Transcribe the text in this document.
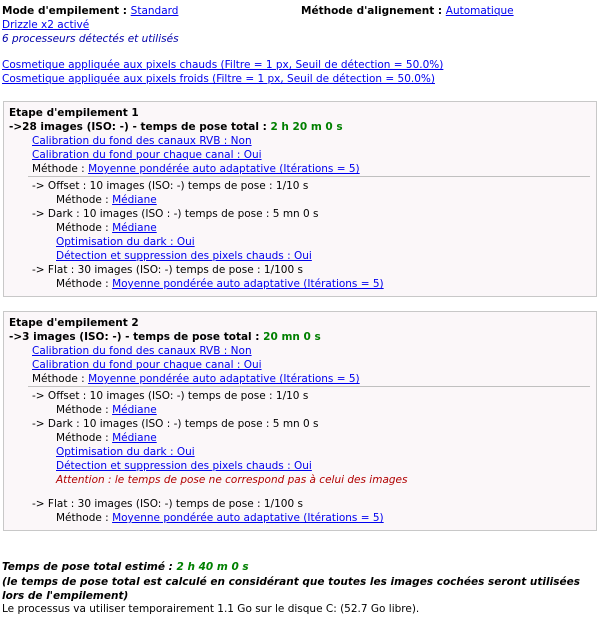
Mode d'empilement : Standard	Méthode d'alignement : Automatique
Drizzle x2 activé
6 processeurs détectés et utilisés
Cosmetique appliquée aux pixels chauds (Filtre = 1 px, Seuil de détection = 50.0%)
Cosmetique appliquée aux pixels froids (Filtre = 1 px, Seuil de détection = 50.0%)
Etape d'empilement 1
->28 images (ISO: -) - temps de pose total : 2 h 20 m 0 s
Calibration du fond des canaux RVB : Non
Calibration du fond pour chaque canal : Oui
Méthode : Moyenne pondérée auto adaptative (Itérations = 5)
-> Offset : 10 images (ISO: -) temps de pose : 1/10 s
Méthode : Médiane
-> Dark : 10 images (ISO : -) temps de pose : 5 mn 0 s
Méthode : Médiane
Optimisation du dark : Oui
Détection et suppression des pixels chauds : Oui
-> Flat : 30 images (ISO: -) temps de pose : 1/100 s
Méthode : Moyenne pondérée auto adaptative (Itérations = 5)
Etape d'empilement 2
->3 images (ISO: -) - temps de pose total : 20 mn 0 s
Calibration du fond des canaux RVB : Non
Calibration du fond pour chaque canal : Oui
Méthode : Moyenne pondérée auto adaptative (Itérations = 5)
-> Offset : 10 images (ISO: -) temps de pose : 1/10 s
Méthode : Médiane
-> Dark : 10 images (ISO : -) temps de pose : 5 mn 0 s
Méthode : Médiane
Optimisation du dark : Oui
Détection et suppression des pixels chauds : Oui
Attention : le temps de pose ne correspond pas à celui des images
-> Flat : 30 images (ISO: -) temps de pose : 1/100 s
Méthode : Moyenne pondérée auto adaptative (Itérations = 5)
Temps de pose total estimé : 2 h 40 m 0 s
(le temps de pose total est calculé en considérant que toutes les images cochées seront utilisées lors de l'empilement)
Le processus va utiliser temporairement 1.1 Go sur le disque C: (52.7 Go libre).
